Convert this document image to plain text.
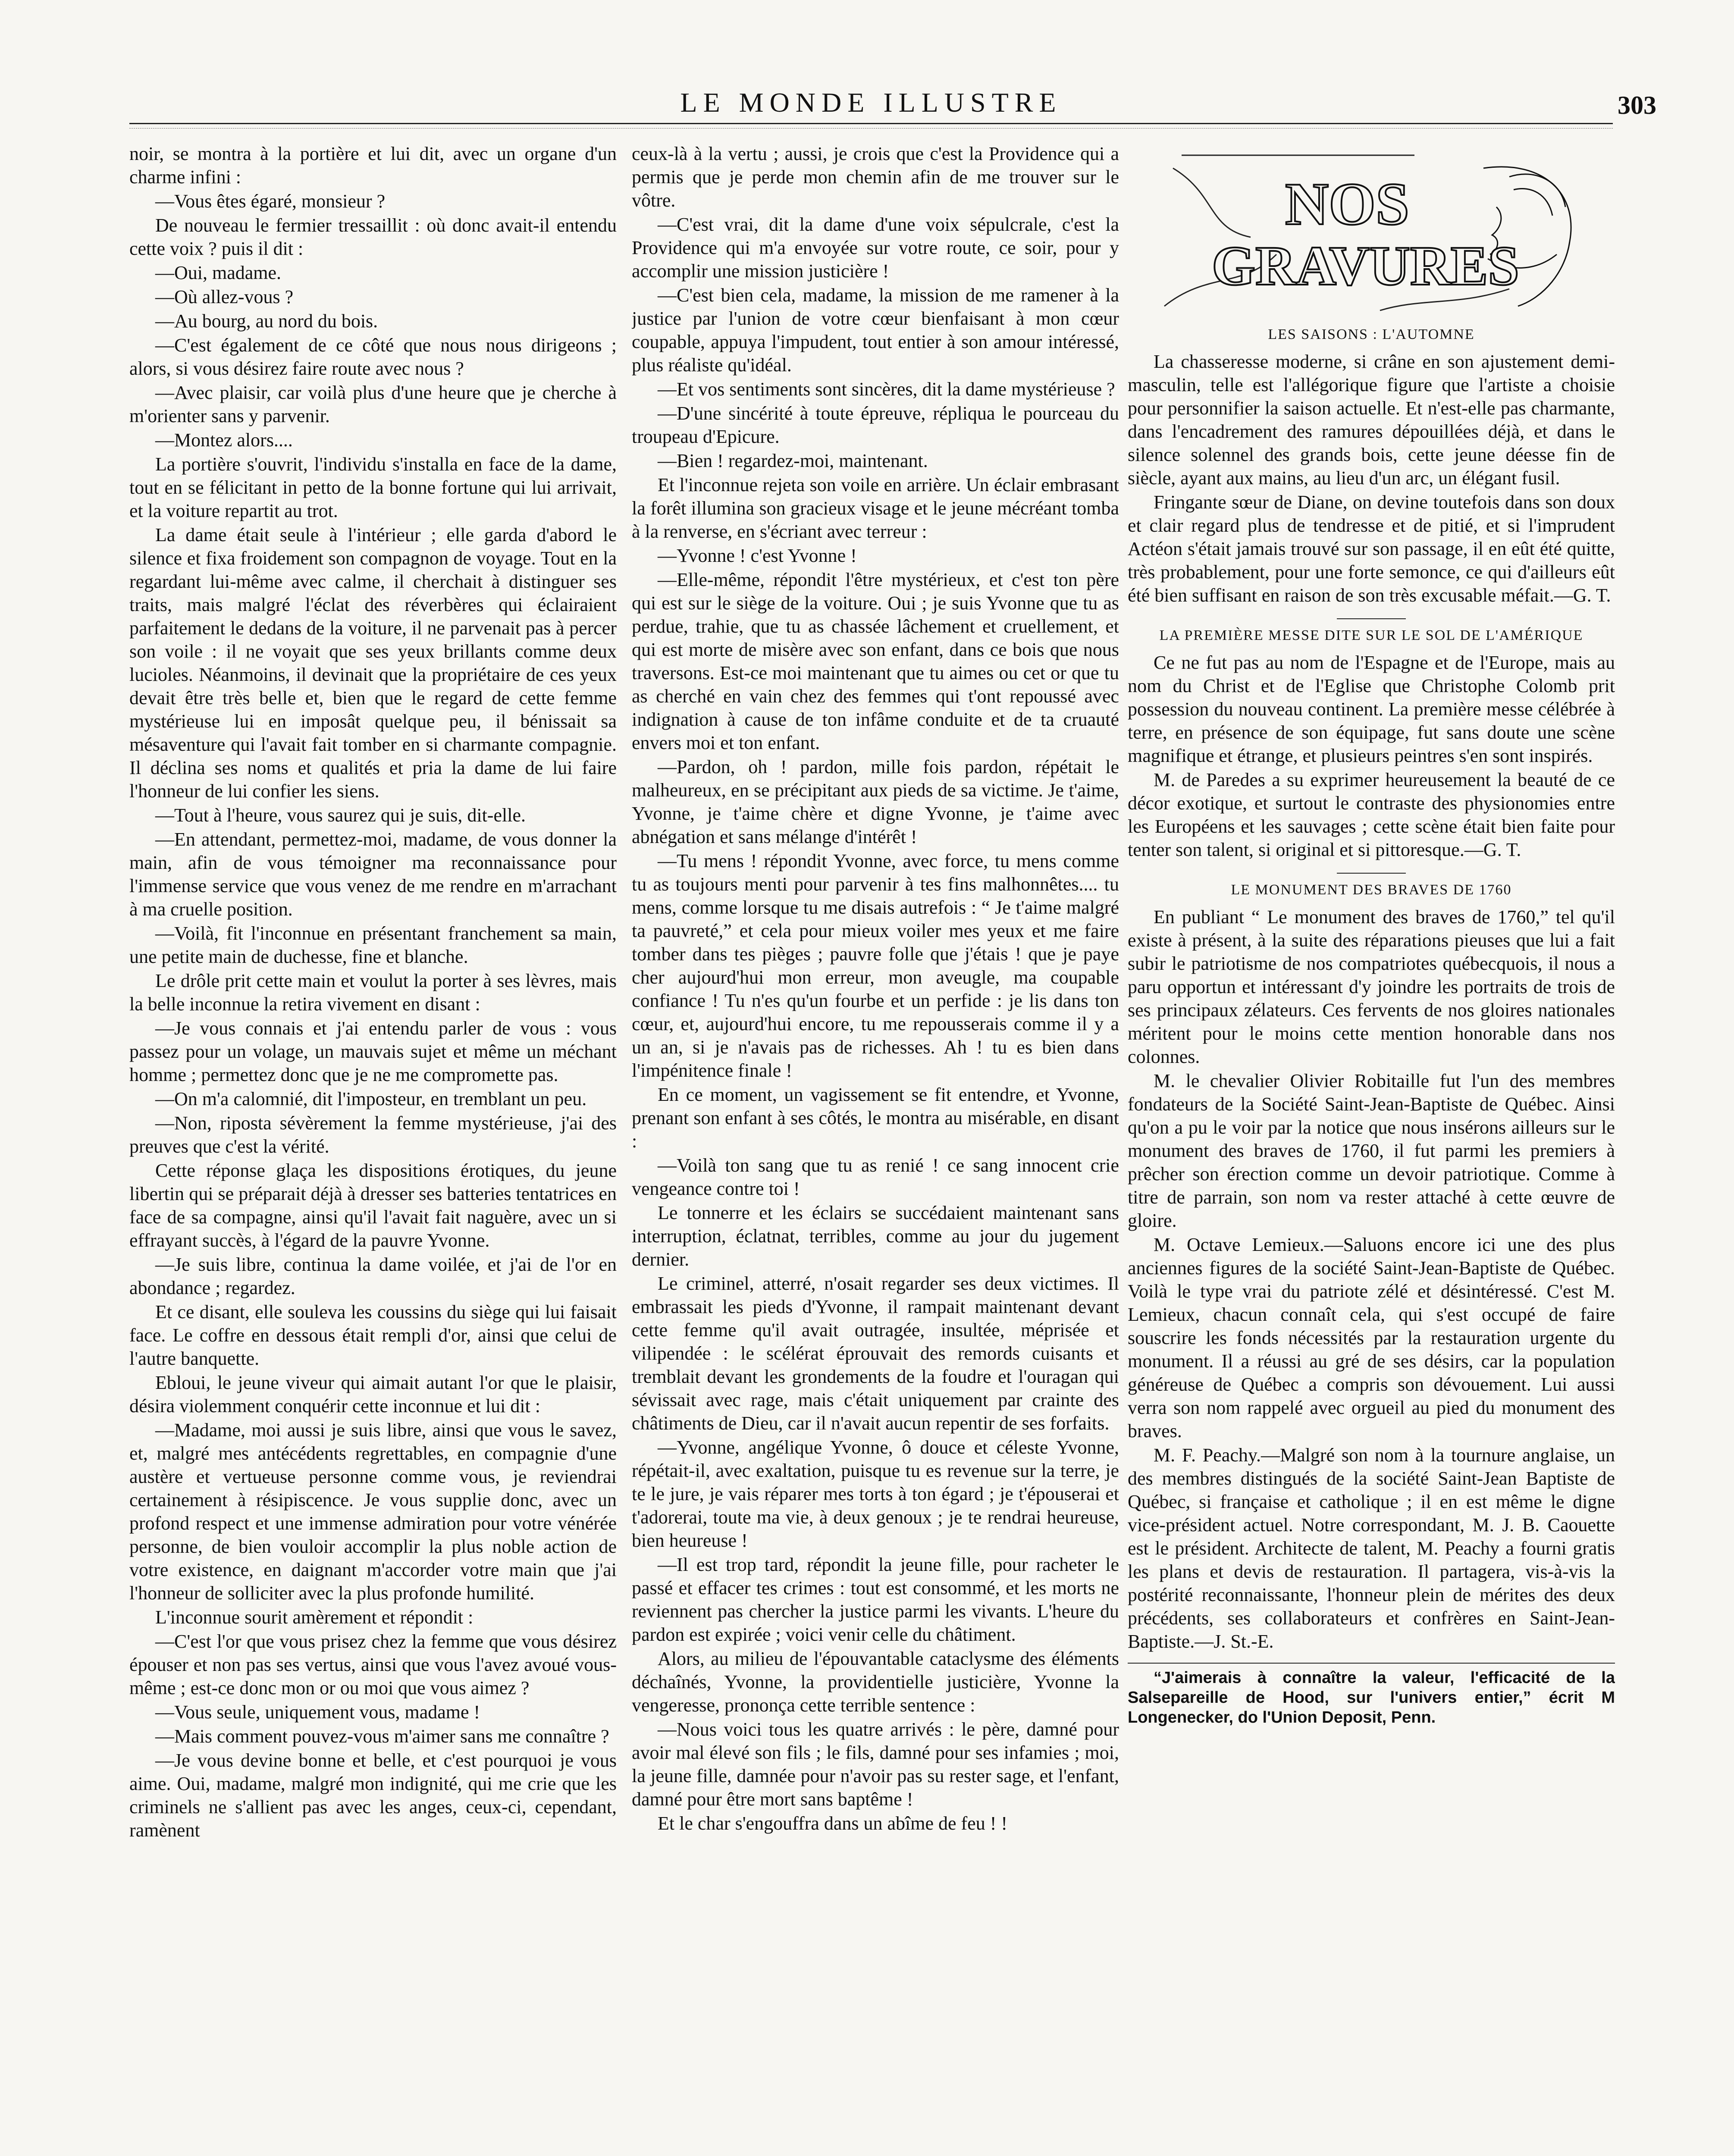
LE MONDE ILLUSTRE	303

noir, se montra à la portière et lui dit, avec un organe d'un charme infini :

—Vous êtes égaré, monsieur ?

De nouveau le fermier tressaillit : où donc avait-il entendu cette voix ? puis il dit :

—Oui, madame.

—Où allez-vous ?

—Au bourg, au nord du bois.

—C'est également de ce côté que nous nous dirigeons ; alors, si vous désirez faire route avec nous ?

—Avec plaisir, car voilà plus d'une heure que je cherche à m'orienter sans y parvenir.

—Montez alors....

La portière s'ouvrit, l'individu s'installa en face de la dame, tout en se félicitant in petto de la bonne fortune qui lui arrivait, et la voiture repartit au trot.

La dame était seule à l'intérieur ; elle garda d'abord le silence et fixa froidement son compagnon de voyage. Tout en la regardant lui-même avec calme, il cherchait à distinguer ses traits, mais malgré l'éclat des réverbères qui éclairaient parfaitement le dedans de la voiture, il ne parvenait pas à percer son voile : il ne voyait que ses yeux brillants comme deux lucioles. Néanmoins, il devinait que la propriétaire de ces yeux devait être très belle et, bien que le regard de cette femme mystérieuse lui en imposât quelque peu, il bénissait sa mésaventure qui l'avait fait tomber en si charmante compagnie. Il déclina ses noms et qualités et pria la dame de lui faire l'honneur de lui confier les siens.

—Tout à l'heure, vous saurez qui je suis, dit-elle.

—En attendant, permettez-moi, madame, de vous donner la main, afin de vous témoigner ma reconnaissance pour l'immense service que vous venez de me rendre en m'arrachant à ma cruelle position.

—Voilà, fit l'inconnue en présentant franchement sa main, une petite main de duchesse, fine et blanche.

Le drôle prit cette main et voulut la porter à ses lèvres, mais la belle inconnue la retira vivement en disant :

—Je vous connais et j'ai entendu parler de vous : vous passez pour un volage, un mauvais sujet et même un méchant homme ; permettez donc que je ne me compromette pas.

—On m'a calomnié, dit l'imposteur, en tremblant un peu.

—Non, riposta sévèrement la femme mystérieuse, j'ai des preuves que c'est la vérité.

Cette réponse glaça les dispositions érotiques, du jeune libertin qui se préparait déjà à dresser ses batteries tentatrices en face de sa compagne, ainsi qu'il l'avait fait naguère, avec un si effrayant succès, à l'égard de la pauvre Yvonne.

—Je suis libre, continua la dame voilée, et j'ai de l'or en abondance ; regardez.

Et ce disant, elle souleva les coussins du siège qui lui faisait face. Le coffre en dessous était rempli d'or, ainsi que celui de l'autre banquette.

Ebloui, le jeune viveur qui aimait autant l'or que le plaisir, désira violemment conquérir cette inconnue et lui dit :

—Madame, moi aussi je suis libre, ainsi que vous le savez, et, malgré mes antécédents regrettables, en compagnie d'une austère et vertueuse personne comme vous, je reviendrai certainement à résipiscence. Je vous supplie donc, avec un profond respect et une immense admiration pour votre vénérée personne, de bien vouloir accomplir la plus noble action de votre existence, en daignant m'accorder votre main que j'ai l'honneur de solliciter avec la plus profonde humilité.

L'inconnue sourit amèrement et répondit :

—C'est l'or que vous prisez chez la femme que vous désirez épouser et non pas ses vertus, ainsi que vous l'avez avoué vous-même ; est-ce donc mon or ou moi que vous aimez ?

—Vous seule, uniquement vous, madame !

—Mais comment pouvez-vous m'aimer sans me connaître ?

—Je vous devine bonne et belle, et c'est pourquoi je vous aime. Oui, madame, malgré mon indignité, qui me crie que les criminels ne s'allient pas avec les anges, ceux-ci, cependant, ramènent

ceux-là à la vertu ; aussi, je crois que c'est la Providence qui a permis que je perde mon chemin afin de me trouver sur le vôtre.

—C'est vrai, dit la dame d'une voix sépulcrale, c'est la Providence qui m'a envoyée sur votre route, ce soir, pour y accomplir une mission justicière !

—C'est bien cela, madame, la mission de me ramener à la justice par l'union de votre cœur bienfaisant à mon cœur coupable, appuya l'impudent, tout entier à son amour intéressé, plus réaliste qu'idéal.

—Et vos sentiments sont sincères, dit la dame mystérieuse ?

—D'une sincérité à toute épreuve, répliqua le pourceau du troupeau d'Epicure.

—Bien ! regardez-moi, maintenant.

Et l'inconnue rejeta son voile en arrière. Un éclair embrasant la forêt illumina son gracieux visage et le jeune mécréant tomba à la renverse, en s'écriant avec terreur :

—Yvonne ! c'est Yvonne !

—Elle-même, répondit l'être mystérieux, et c'est ton père qui est sur le siège de la voiture. Oui ; je suis Yvonne que tu as perdue, trahie, que tu as chassée lâchement et cruellement, et qui est morte de misère avec son enfant, dans ce bois que nous traversons. Est-ce moi maintenant que tu aimes ou cet or que tu as cherché en vain chez des femmes qui t'ont repoussé avec indignation à cause de ton infâme conduite et de ta cruauté envers moi et ton enfant.

—Pardon, oh ! pardon, mille fois pardon, répétait le malheureux, en se précipitant aux pieds de sa victime. Je t'aime, Yvonne, je t'aime chère et digne Yvonne, je t'aime avec abnégation et sans mélange d'intérêt !

—Tu mens ! répondit Yvonne, avec force, tu mens comme tu as toujours menti pour parvenir à tes fins malhonnêtes.... tu mens, comme lorsque tu me disais autrefois : “ Je t'aime malgré ta pauvreté,” et cela pour mieux voiler mes yeux et me faire tomber dans tes pièges ; pauvre folle que j'étais ! que je paye cher aujourd'hui mon erreur, mon aveugle, ma coupable confiance ! Tu n'es qu'un fourbe et un perfide : je lis dans ton cœur, et, aujourd'hui encore, tu me repousserais comme il y a un an, si je n'avais pas de richesses. Ah ! tu es bien dans l'impénitence finale !

En ce moment, un vagissement se fit entendre, et Yvonne, prenant son enfant à ses côtés, le montra au misérable, en disant :

—Voilà ton sang que tu as renié ! ce sang innocent crie vengeance contre toi !

Le tonnerre et les éclairs se succédaient maintenant sans interruption, éclatnat, terribles, comme au jour du jugement dernier.

Le criminel, atterré, n'osait regarder ses deux victimes. Il embrassait les pieds d'Yvonne, il rampait maintenant devant cette femme qu'il avait outragée, insultée, méprisée et vilipendée : le scélérat éprouvait des remords cuisants et tremblait devant les grondements de la foudre et l'ouragan qui sévissait avec rage, mais c'était uniquement par crainte des châtiments de Dieu, car il n'avait aucun repentir de ses forfaits.

—Yvonne, angélique Yvonne, ô douce et céleste Yvonne, répétait-il, avec exaltation, puisque tu es revenue sur la terre, je te le jure, je vais réparer mes torts à ton égard ; je t'épouserai et t'adorerai, toute ma vie, à deux genoux ; je te rendrai heureuse, bien heureuse !

—Il est trop tard, répondit la jeune fille, pour racheter le passé et effacer tes crimes : tout est consommé, et les morts ne reviennent pas chercher la justice parmi les vivants. L'heure du pardon est expirée ; voici venir celle du châtiment.

Alors, au milieu de l'épouvantable cataclysme des éléments déchaînés, Yvonne, la providentielle justicière, Yvonne la vengeresse, prononça cette terrible sentence :

—Nous voici tous les quatre arrivés : le père, damné pour avoir mal élevé son fils ; le fils, damné pour ses infamies ; moi, la jeune fille, damnée pour n'avoir pas su rester sage, et l'enfant, damné pour être mort sans baptême !

Et le char s'engouffra dans un abîme de feu ! !

NOS
GRAVURES
LES SAISONS : L'AUTOMNE

La chasseresse moderne, si crâne en son ajustement demi-masculin, telle est l'allégorique figure que l'artiste a choisie pour personnifier la saison actuelle. Et n'est-elle pas charmante, dans l'encadrement des ramures dépouillées déjà, et dans le silence solennel des grands bois, cette jeune déesse fin de siècle, ayant aux mains, au lieu d'un arc, un élégant fusil.

Fringante sœur de Diane, on devine toutefois dans son doux et clair regard plus de tendresse et de pitié, et si l'imprudent Actéon s'était jamais trouvé sur son passage, il en eût été quitte, très probablement, pour une forte semonce, ce qui d'ailleurs eût été bien suffisant en raison de son très excusable méfait.—G. T.

LA PREMIÈRE MESSE DITE SUR LE SOL DE L'AMÉRIQUE

Ce ne fut pas au nom de l'Espagne et de l'Europe, mais au nom du Christ et de l'Eglise que Christophe Colomb prit possession du nouveau continent. La première messe célébrée à terre, en présence de son équipage, fut sans doute une scène magnifique et étrange, et plusieurs peintres s'en sont inspirés.

M. de Paredes a su exprimer heureusement la beauté de ce décor exotique, et surtout le contraste des physionomies entre les Européens et les sauvages ; cette scène était bien faite pour tenter son talent, si original et si pittoresque.—G. T.

LE MONUMENT DES BRAVES DE 1760

En publiant “ Le monument des braves de 1760,” tel qu'il existe à présent, à la suite des réparations pieuses que lui a fait subir le patriotisme de nos compatriotes québecquois, il nous a paru opportun et intéressant d'y joindre les portraits de trois de ses principaux zélateurs. Ces fervents de nos gloires nationales méritent pour le moins cette mention honorable dans nos colonnes.

M. le chevalier Olivier Robitaille fut l'un des membres fondateurs de la Société Saint-Jean-Baptiste de Québec. Ainsi qu'on a pu le voir par la notice que nous insérons ailleurs sur le monument des braves de 1760, il fut parmi les premiers à prêcher son érection comme un devoir patriotique. Comme à titre de parrain, son nom va rester attaché à cette œuvre de gloire.

M. Octave Lemieux.—Saluons encore ici une des plus anciennes figures de la société Saint-Jean-Baptiste de Québec. Voilà le type vrai du patriote zélé et désintéressé. C'est M. Lemieux, chacun connaît cela, qui s'est occupé de faire souscrire les fonds nécessités par la restauration urgente du monument. Il a réussi au gré de ses désirs, car la population généreuse de Québec a compris son dévouement. Lui aussi verra son nom rappelé avec orgueil au pied du monument des braves.

M. F. Peachy.—Malgré son nom à la tournure anglaise, un des membres distingués de la société Saint-Jean Baptiste de Québec, si française et catholique ; il en est même le digne vice-président actuel. Notre correspondant, M. J. B. Caouette est le président. Architecte de talent, M. Peachy a fourni gratis les plans et devis de restauration. Il partagera, vis-à-vis la postérité reconnaissante, l'honneur plein de mérites des deux précédents, ses collaborateurs et confrères en Saint-Jean-Baptiste.—J. St.-E.

“J'aimerais à connaître la valeur, l'efficacité de la Salsepareille de Hood, sur l'univers entier,” écrit M Longenecker, do l'Union Deposit, Penn.
